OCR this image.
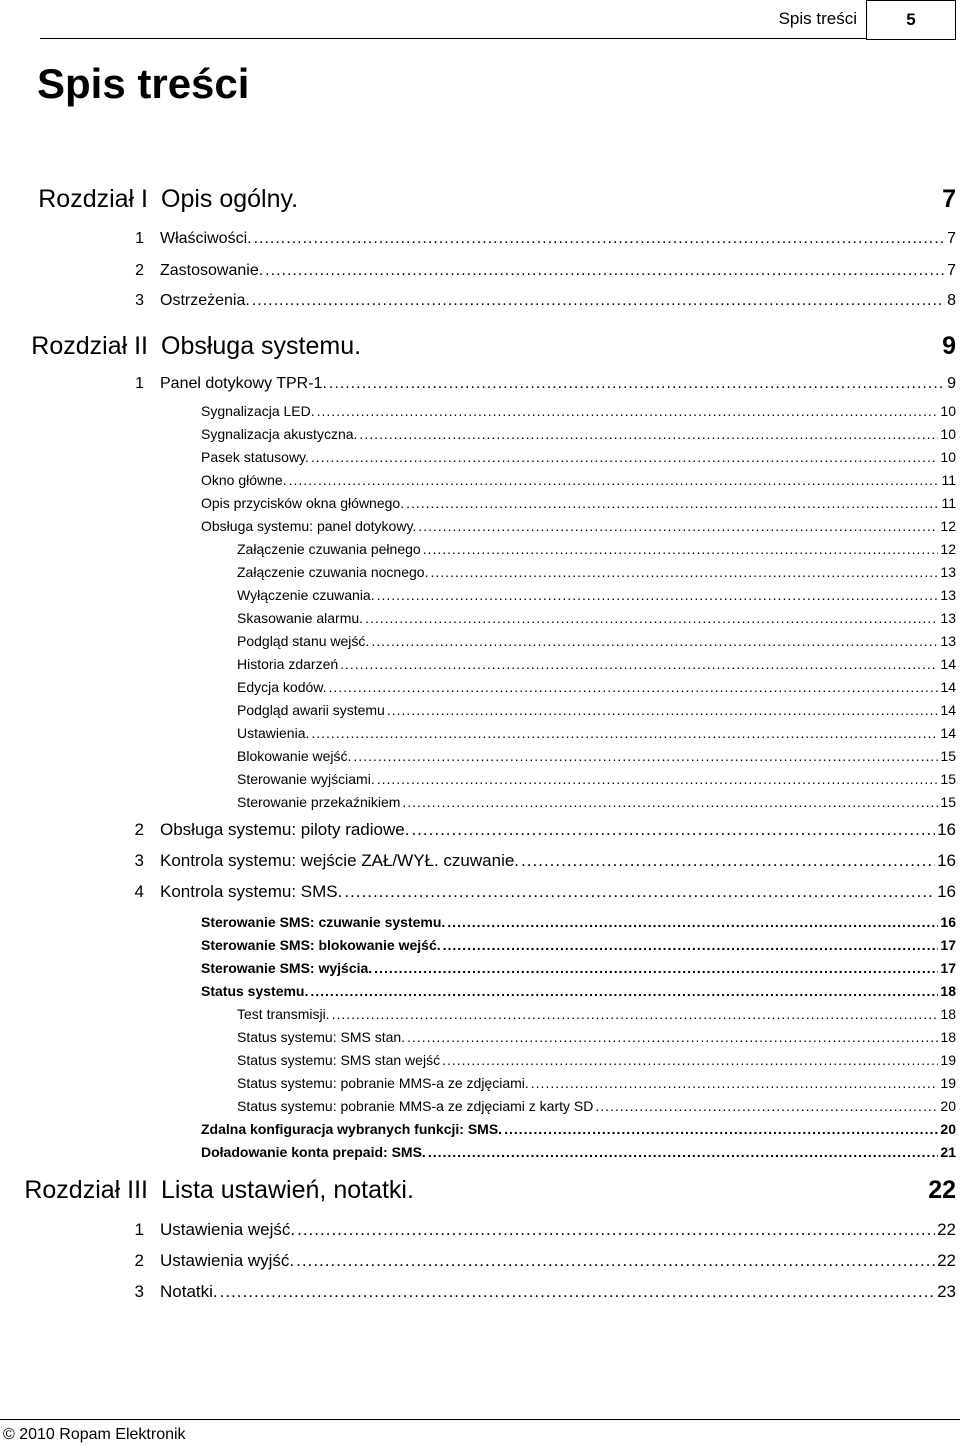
Spis treści	5
Spis treści
Rozdział I Opis ogólny.	7
1 Właściwości. .....	7
2 Zastosowanie. .....	7
3 Ostrzeżenia. .....	8
Rozdział II Obsługa systemu.	9
1 Panel dotykowy TPR-1. .....	9
Sygnalizacja LED. .....	10
Sygnalizacja akustyczna. .....	10
Pasek statusowy. .....	10
Okno główne. .....	11
Opis przycisków okna głównego. .....	11
Obsługa systemu: panel dotykowy. .....	12
Załączenie czuwania pełnego .....	12
Załączenie czuwania nocnego. .....	13
Wyłączenie czuwania. .....	13
Skasowanie alarmu. .....	13
Podgląd stanu wejść. .....	13
Historia zdarzeń .....	14
Edycja kodów. .....	14
Podgląd awarii systemu .....	14
Ustawienia. .....	14
Blokowanie wejść. .....	15
Sterowanie wyjściami. .....	15
Sterowanie przekaźnikiem .....	15
2 Obsługa systemu: piloty radiowe. .....	16
3 Kontrola systemu: wejście ZAŁ/WYŁ. czuwanie. .....	16
4 Kontrola systemu: SMS. .....	16
Sterowanie SMS: czuwanie systemu. .....	16
Sterowanie SMS: blokowanie wejść. .....	17
Sterowanie SMS: wyjścia. .....	17
Status systemu. .....	18
Test transmisji. .....	18
Status systemu: SMS stan. .....	18
Status systemu: SMS stan wejść .....	19
Status systemu: pobranie MMS-a ze zdjęciami. .....	19
Status systemu: pobranie MMS-a ze zdjęciami z karty SD .....	20
Zdalna konfiguracja wybranych funkcji: SMS. .....	20
Doładowanie konta prepaid: SMS. .....	21
Rozdział III Lista ustawień, notatki.	22
1 Ustawienia wejść. .....	22
2 Ustawienia wyjść. .....	22
3 Notatki. .....	23
© 2010 Ropam Elektronik
